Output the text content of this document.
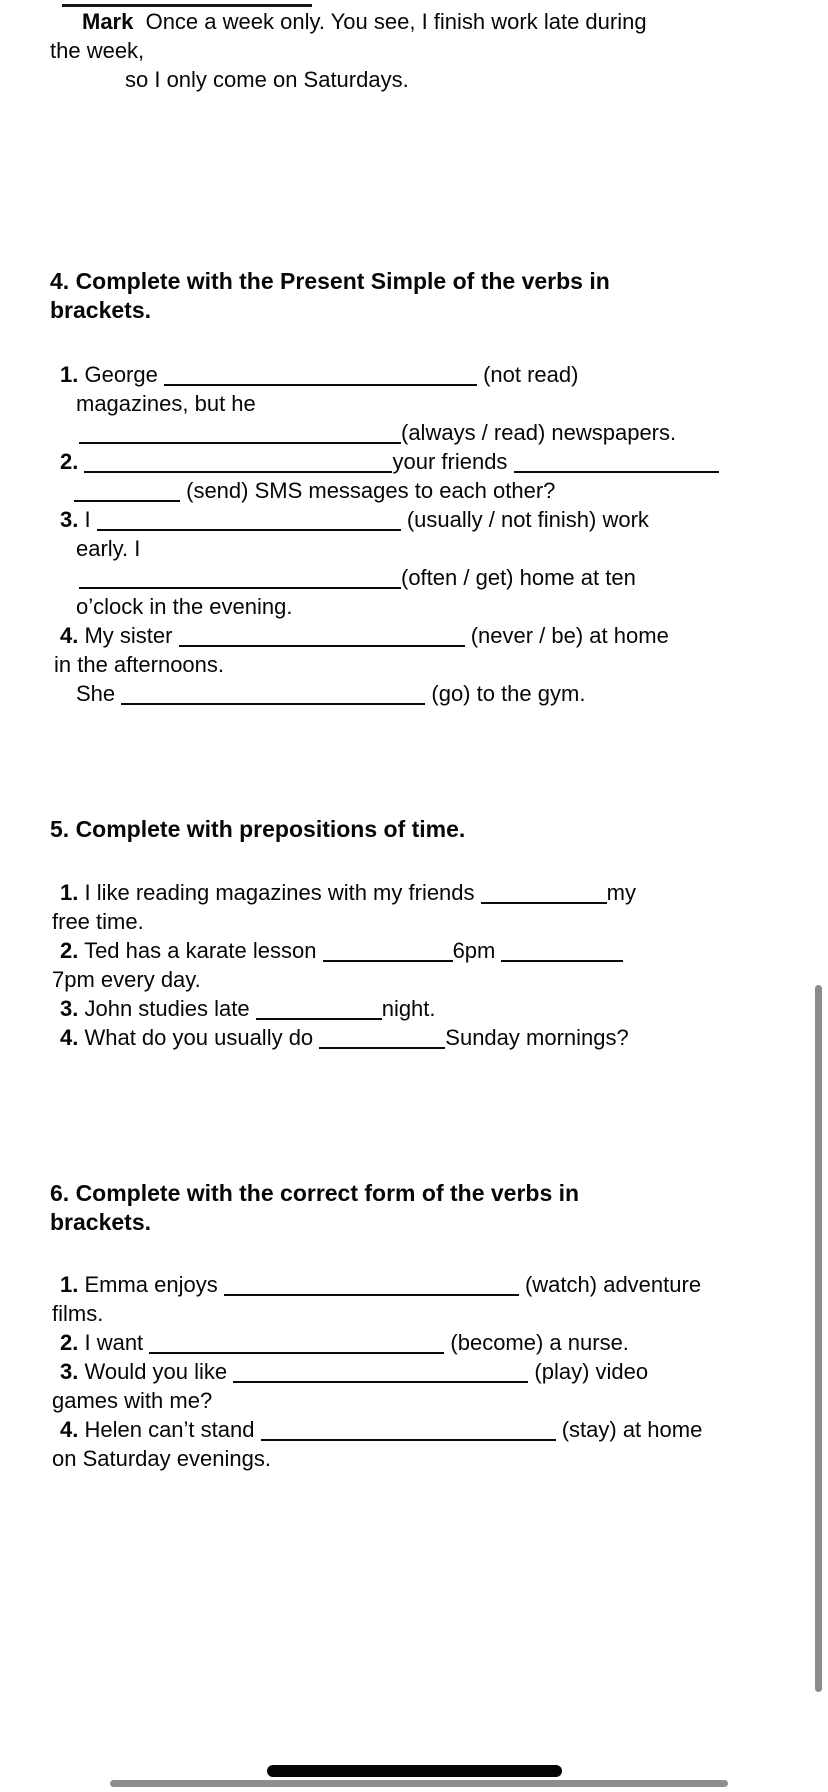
Mark  Once a week only. You see, I finish work late during
the week,
so I only come on Saturdays.
4. Complete with the Present Simple of the verbs in
brackets.
1. George	(not read)
magazines, but he
(always / read) newspapers.
2.	your friends
(send) SMS messages to each other?
3. I	(usually / not finish) work
early. I
(often / get) home at ten
o’clock in the evening.
4. My sister	(never / be) at home
in the afternoons.
She	(go) to the gym.
5. Complete with prepositions of time.
1. I like reading magazines with my friends	my
free time.
2. Ted has a karate lesson	6pm
7pm every day.
3. John studies late	night.
4. What do you usually do	Sunday mornings?
6. Complete with the correct form of the verbs in
brackets.
1. Emma enjoys	(watch) adventure
films.
2. I want	(become) a nurse.
3. Would you like	(play) video
games with me?
4. Helen can’t stand	(stay) at home
on Saturday evenings.
